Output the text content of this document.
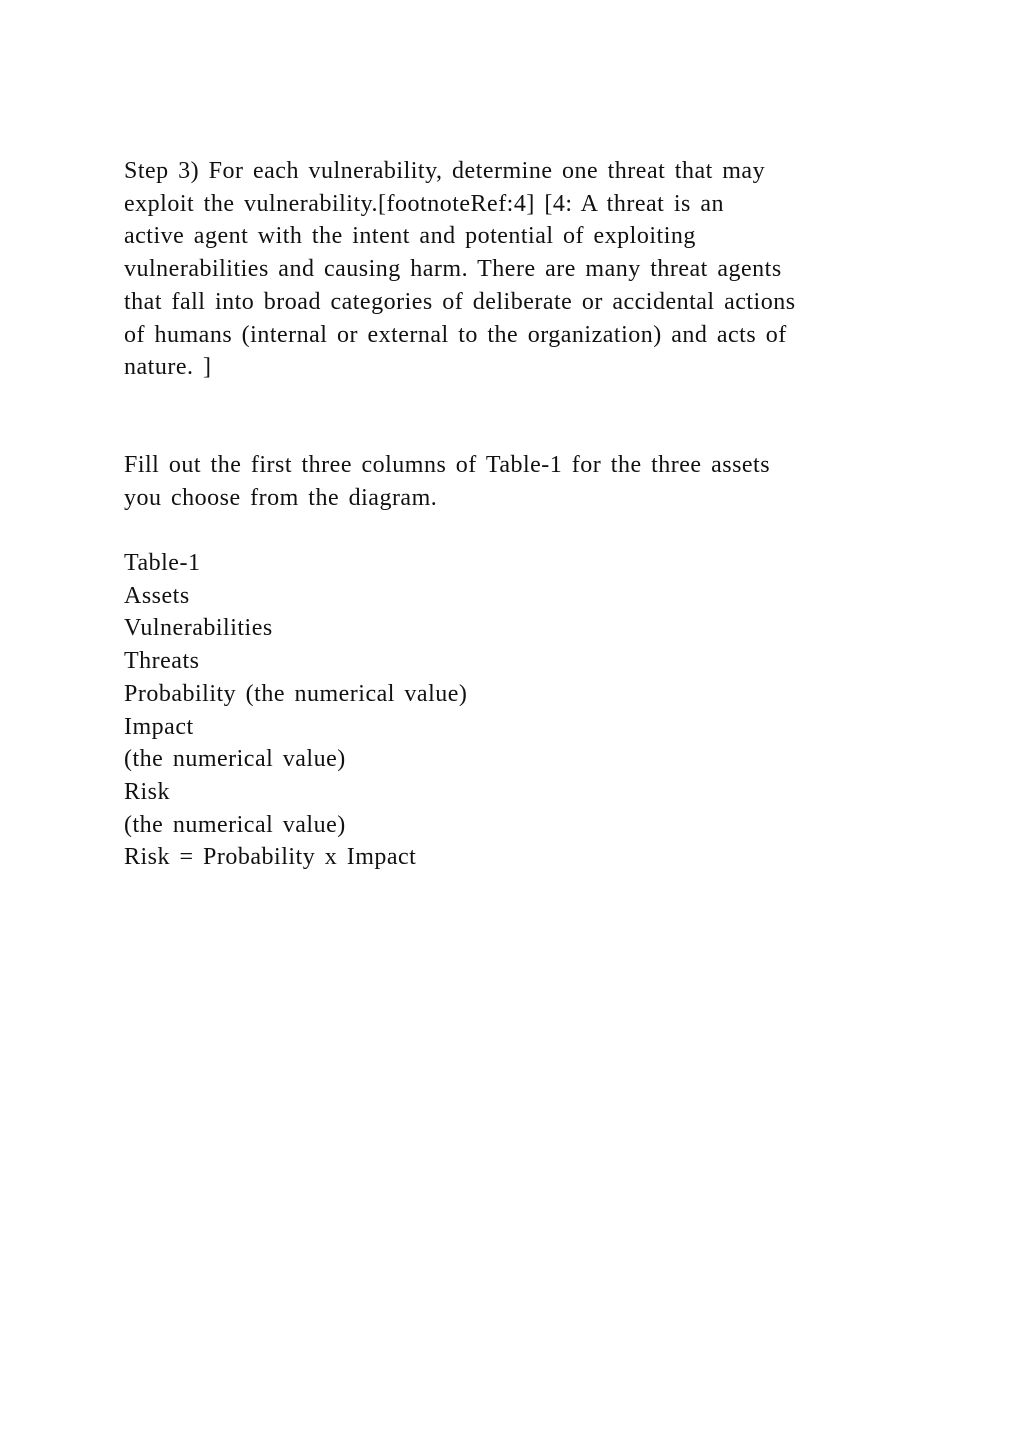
Step 3) For each vulnerability, determine one threat that may
exploit the vulnerability.[footnoteRef:4] [4: A threat is an
active agent with the intent and potential of exploiting
vulnerabilities and causing harm. There are many threat agents
that fall into broad categories of deliberate or accidental actions
of humans (internal or external to the organization) and acts of
nature. ]
Fill out the first three columns of Table-1 for the three assets
you choose from the diagram.
Table-1
Assets
Vulnerabilities
Threats
Probability (the numerical value)
Impact
(the numerical value)
Risk
(the numerical value)
Risk = Probability x Impact
